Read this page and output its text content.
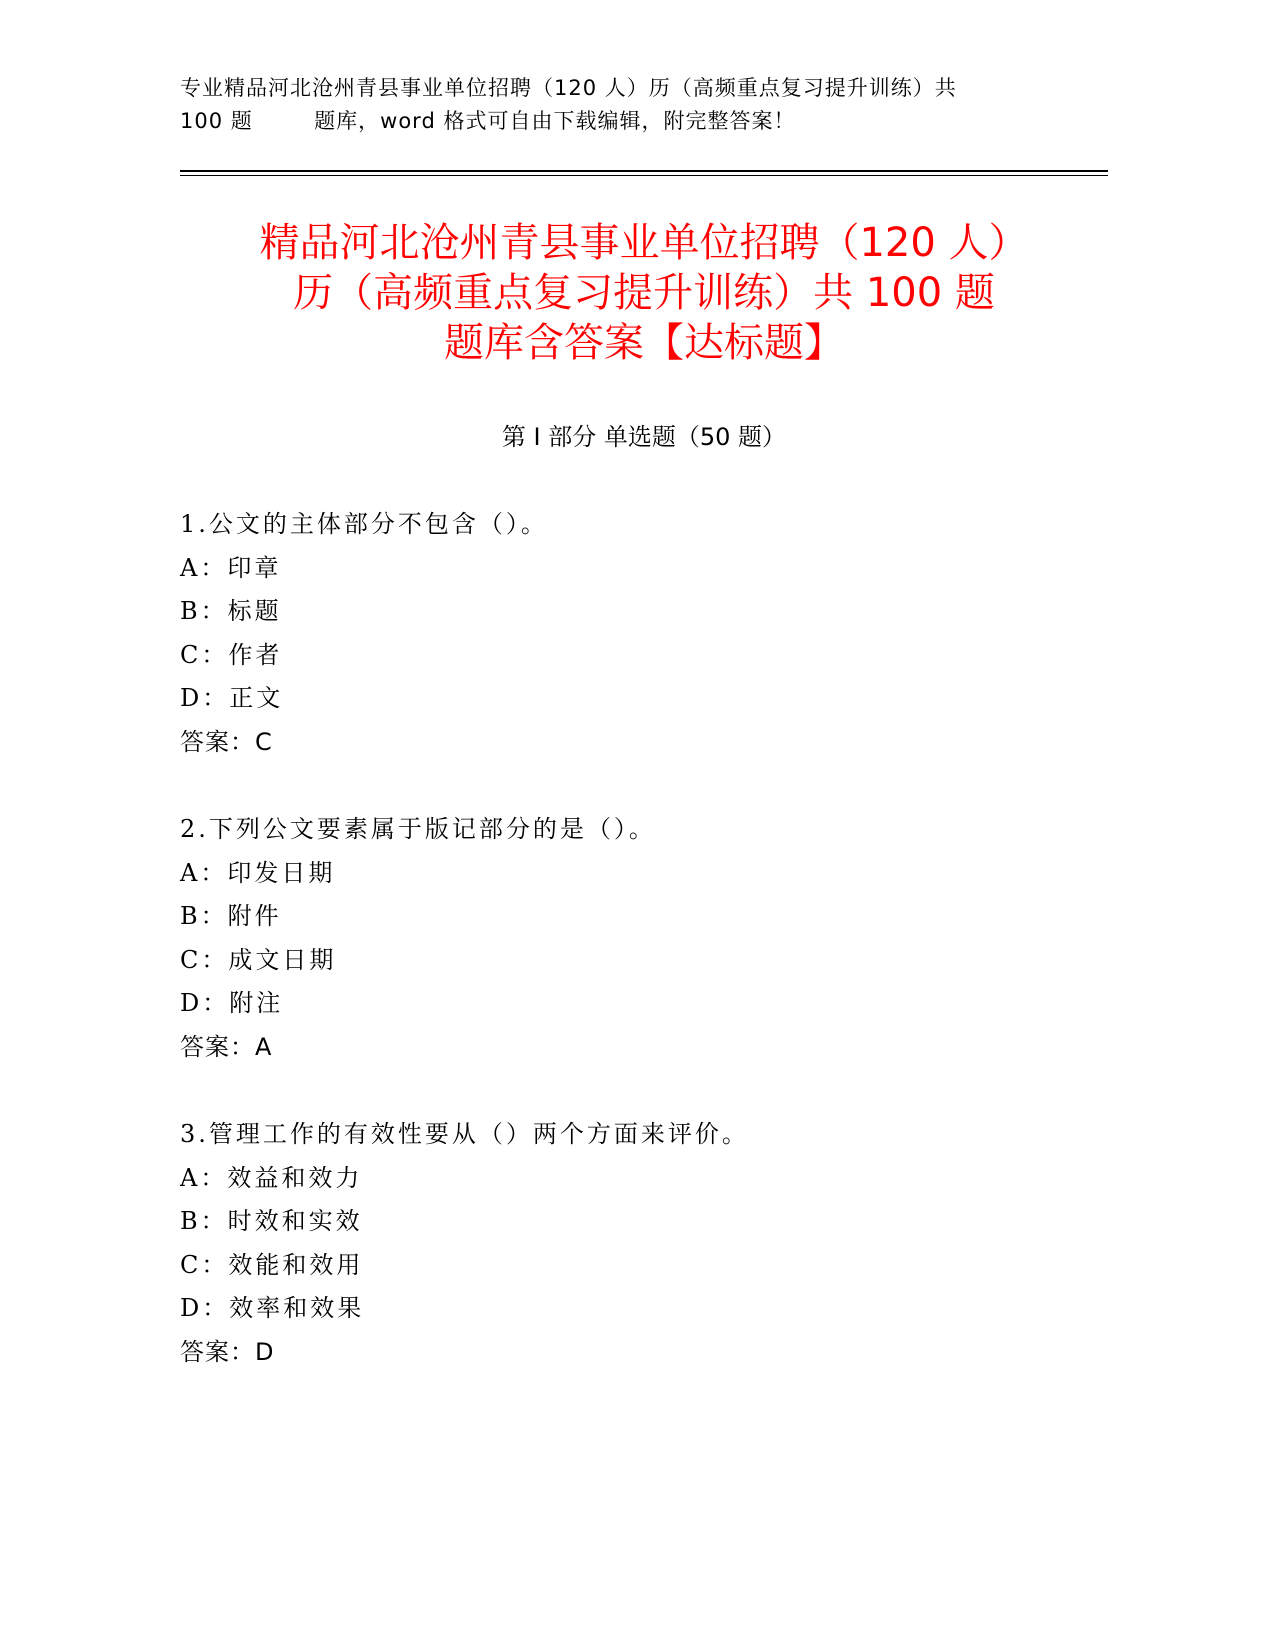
专业精品河北沧州青县事业单位招聘（120 人）历（高频重点复习提升训练）共
100 题        题库，word 格式可自由下载编辑，附完整答案！
精品河北沧州青县事业单位招聘（120 人）
历（高频重点复习提升训练）共 100 题
题库含答案【达标题】
第 I 部分 单选题（50 题）
1.公文的主体部分不包含（）。
A：印章
B：标题
C：作者
D：正文
答案：C
2.下列公文要素属于版记部分的是（）。
A：印发日期
B：附件
C：成文日期
D：附注
答案：A
3.管理工作的有效性要从（）两个方面来评价。
A：效益和效力
B：时效和实效
C：效能和效用
D：效率和效果
答案：D
